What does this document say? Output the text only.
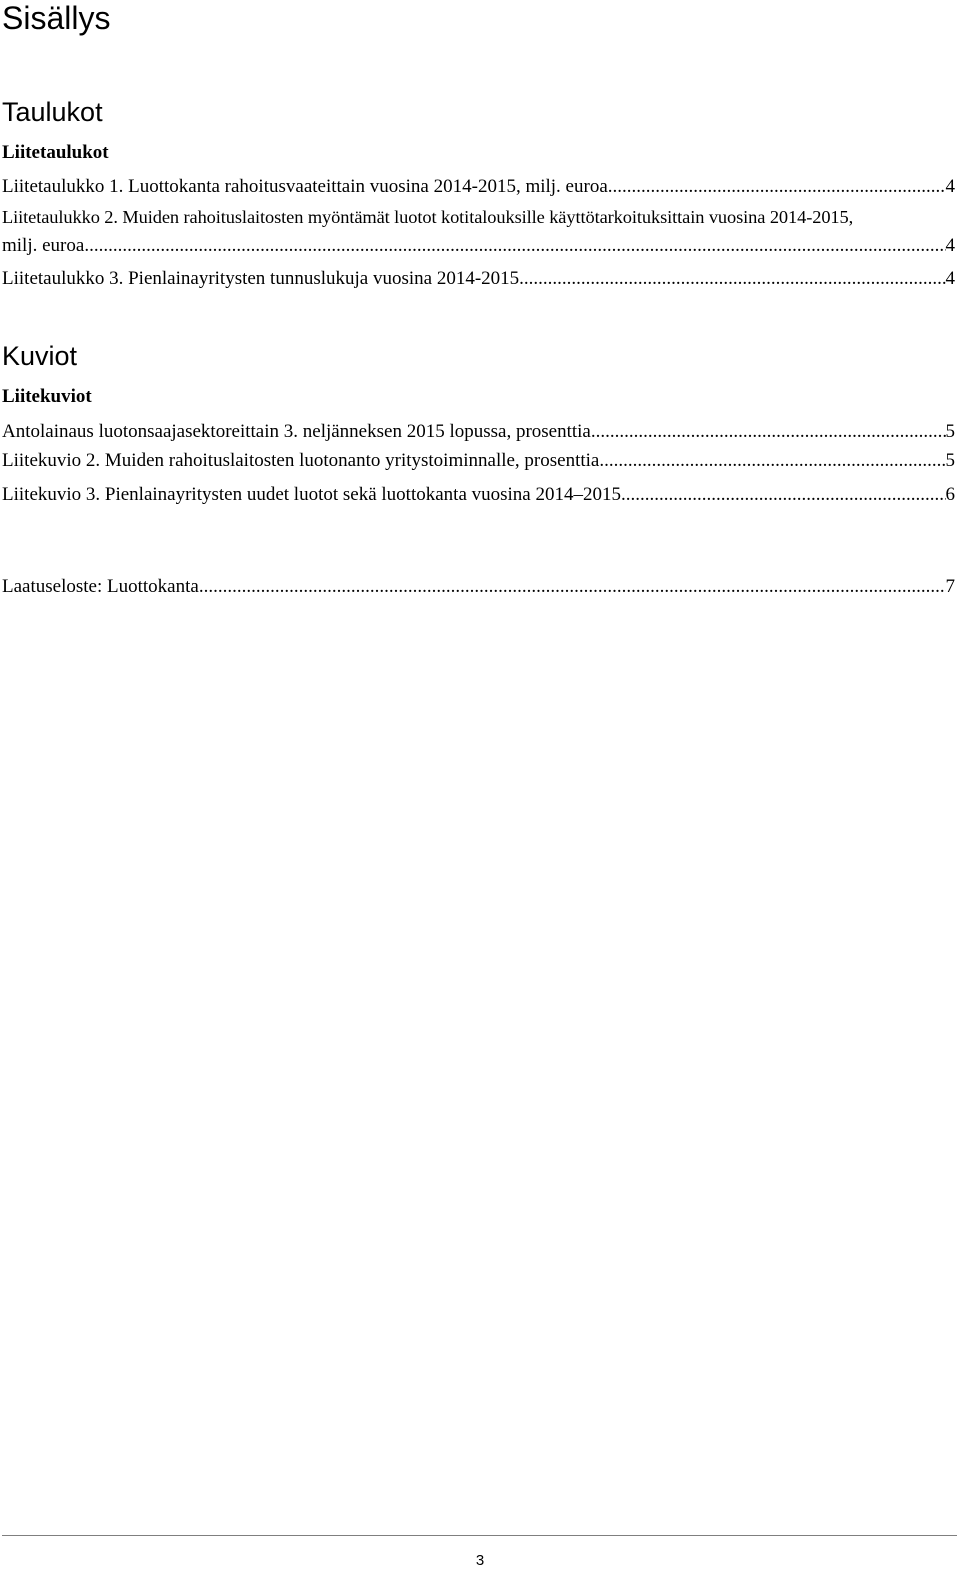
Sisällys
Taulukot
Liitetaulukot
Liitetaulukko 1. Luottokanta rahoitusvaateittain vuosina 2014-2015, milj. euroa .....	4
Liitetaulukko 2. Muiden rahoituslaitosten myöntämät luotot kotitalouksille käyttötarkoituksittain vuosina 2014-2015,
milj. euroa .....	4
Liitetaulukko 3. Pienlainayritysten tunnuslukuja vuosina 2014-2015 .....	4
Kuviot
Liitekuviot
Antolainaus luotonsaajasektoreittain 3. neljänneksen 2015 lopussa, prosenttia .....	5
Liitekuvio 2. Muiden rahoituslaitosten luotonanto yritystoiminnalle, prosenttia .....	5
Liitekuvio 3. Pienlainayritysten uudet luotot sekä luottokanta vuosina 2014–2015 .....	6
Laatuseloste: Luottokanta .....	7
3
